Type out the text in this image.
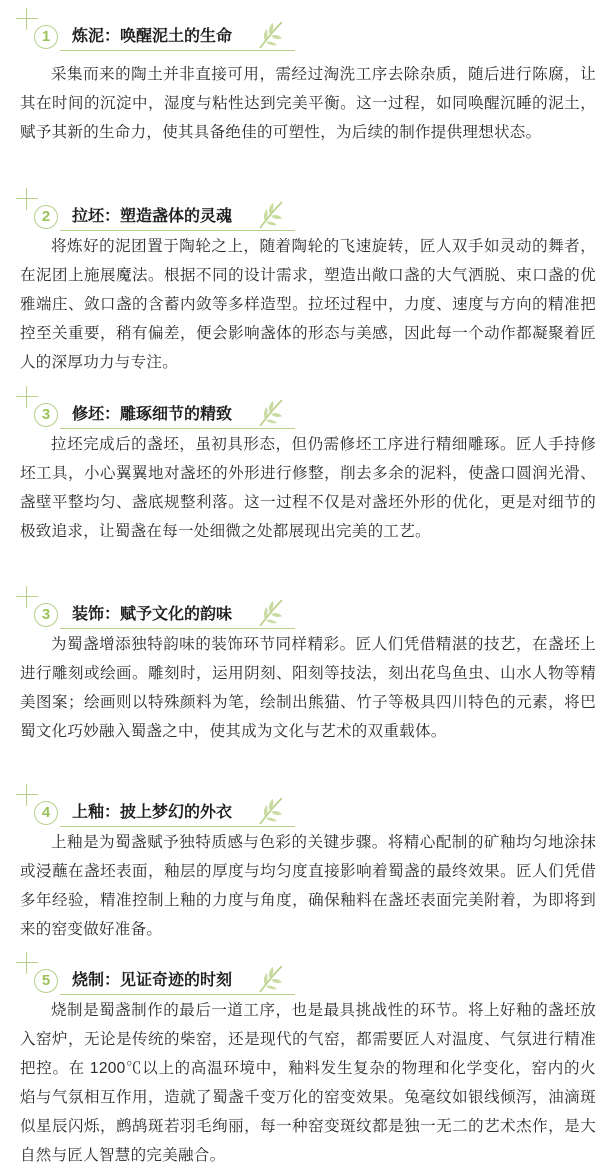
1	炼泥：唤醒泥土的生命
采集而来的陶土并非直接可用，需经过淘洗工序去除杂质，随后进行陈腐，让其在时间的沉淀中，湿度与粘性达到完美平衡。这一过程，如同唤醒沉睡的泥土，赋予其新的生命力，使其具备绝佳的可塑性，为后续的制作提供理想状态。
2	拉坯：塑造盏体的灵魂
将炼好的泥团置于陶轮之上，随着陶轮的飞速旋转，匠人双手如灵动的舞者，在泥团上施展魔法。根据不同的设计需求，塑造出敞口盏的大气洒脱、束口盏的优雅端庄、敛口盏的含蓄内敛等多样造型。拉坯过程中，力度、速度与方向的精准把控至关重要，稍有偏差，便会影响盏体的形态与美感，因此每一个动作都凝聚着匠人的深厚功力与专注。
3	修坯：雕琢细节的精致
拉坯完成后的盏坯，虽初具形态，但仍需修坯工序进行精细雕琢。匠人手持修坯工具，小心翼翼地对盏坯的外形进行修整，削去多余的泥料，使盏口圆润光滑、盏壁平整均匀、盏底规整利落。这一过程不仅是对盏坯外形的优化，更是对细节的极致追求，让蜀盏在每一处细微之处都展现出完美的工艺。
3	装饰：赋予文化的韵味
为蜀盏增添独特韵味的装饰环节同样精彩。匠人们凭借精湛的技艺，在盏坯上进行雕刻或绘画。雕刻时，运用阴刻、阳刻等技法，刻出花鸟鱼虫、山水人物等精美图案；绘画则以特殊颜料为笔，绘制出熊猫、竹子等极具四川特色的元素，将巴蜀文化巧妙融入蜀盏之中，使其成为文化与艺术的双重载体。
4	上釉：披上梦幻的外衣
上釉是为蜀盏赋予独特质感与色彩的关键步骤。将精心配制的矿釉均匀地涂抹或浸蘸在盏坯表面，釉层的厚度与均匀度直接影响着蜀盏的最终效果。匠人们凭借多年经验，精准控制上釉的力度与角度，确保釉料在盏坯表面完美附着，为即将到来的窑变做好准备。
5	烧制：见证奇迹的时刻
烧制是蜀盏制作的最后一道工序，也是最具挑战性的环节。将上好釉的盏坯放入窑炉，无论是传统的柴窑，还是现代的气窑，都需要匠人对温度、气氛进行精准把控。在 1200℃以上的高温环境中，釉料发生复杂的物理和化学变化，窑内的火焰与气氛相互作用，造就了蜀盏千变万化的窑变效果。兔毫纹如银线倾泻，油滴斑似星辰闪烁，鹧鸪斑若羽毛绚丽，每一种窑变斑纹都是独一无二的艺术杰作，是大自然与匠人智慧的完美融合。
